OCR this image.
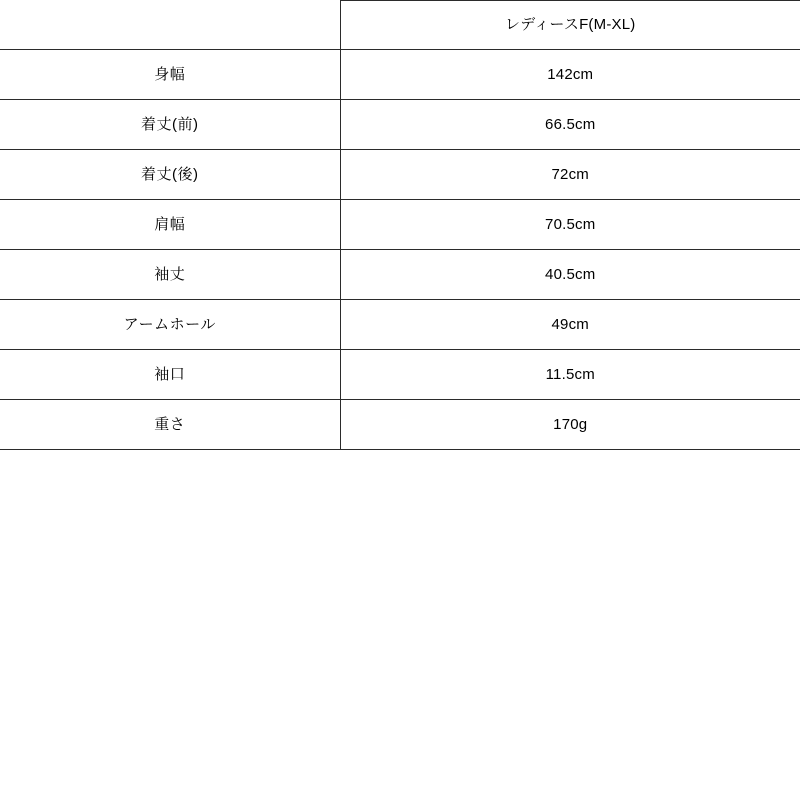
	レディースF(M-XL)
身幅	142cm
着丈(前)	66.5cm
着丈(後)	72cm
肩幅	70.5cm
袖丈	40.5cm
アームホール	49cm
袖口	11.5cm
重さ	170g
